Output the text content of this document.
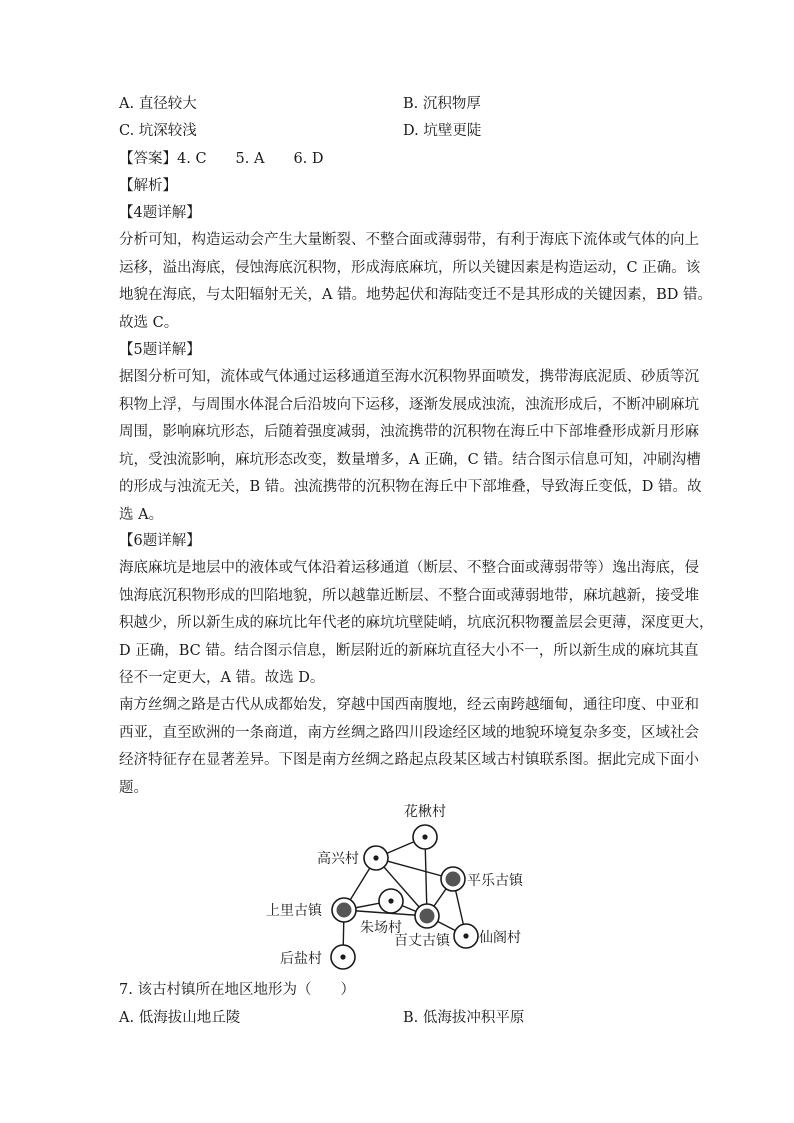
A. 直径较大	B. 沉积物厚
C. 坑深较浅	D. 坑壁更陡
【答案】4. C　　5. A　　6. D
【解析】
【4题详解】
分析可知，构造运动会产生大量断裂、不整合面或薄弱带，有利于海底下流体或气体的向上
运移，溢出海底，侵蚀海底沉积物，形成海底麻坑，所以关键因素是构造运动，C 正确。该
地貌在海底，与太阳辐射无关，A 错。地势起伏和海陆变迁不是其形成的关键因素，BD 错。
故选 C。
【5题详解】
据图分析可知，流体或气体通过运移通道至海水沉积物界面喷发，携带海底泥质、砂质等沉
积物上浮，与周围水体混合后沿坡向下运移，逐渐发展成浊流，浊流形成后，不断冲刷麻坑
周围，影响麻坑形态，后随着强度减弱，浊流携带的沉积物在海丘中下部堆叠形成新月形麻
坑，受浊流影响，麻坑形态改变，数量增多，A 正确，C 错。结合图示信息可知，冲刷沟槽
的形成与浊流无关，B 错。浊流携带的沉积物在海丘中下部堆叠，导致海丘变低，D 错。故
选 A。
【6题详解】
海底麻坑是地层中的液体或气体沿着运移通道（断层、不整合面或薄弱带等）逸出海底，侵
蚀海底沉积物形成的凹陷地貌，所以越靠近断层、不整合面或薄弱地带，麻坑越新，接受堆
积越少，所以新生成的麻坑比年代老的麻坑坑壁陡峭，坑底沉积物覆盖层会更薄，深度更大，
D 正确，BC 错。结合图示信息，断层附近的新麻坑直径大小不一，所以新生成的麻坑其直
径不一定更大，A 错。故选 D。
南方丝绸之路是古代从成都始发，穿越中国西南腹地，经云南跨越缅甸，通往印度、中亚和
西亚，直至欧洲的一条商道，南方丝绸之路四川段途经区域的地貌环境复杂多变，区域社会
经济特征存在显著差异。下图是南方丝绸之路起点段某区域古村镇联系图。据此完成下面小
题。
花楸村
高兴村
平乐古镇
上里古镇
朱场村
百丈古镇 仙阁村
后盐村
7. 该古村镇所在地区地形为（　　）
A. 低海拔山地丘陵	B. 低海拔冲积平原
